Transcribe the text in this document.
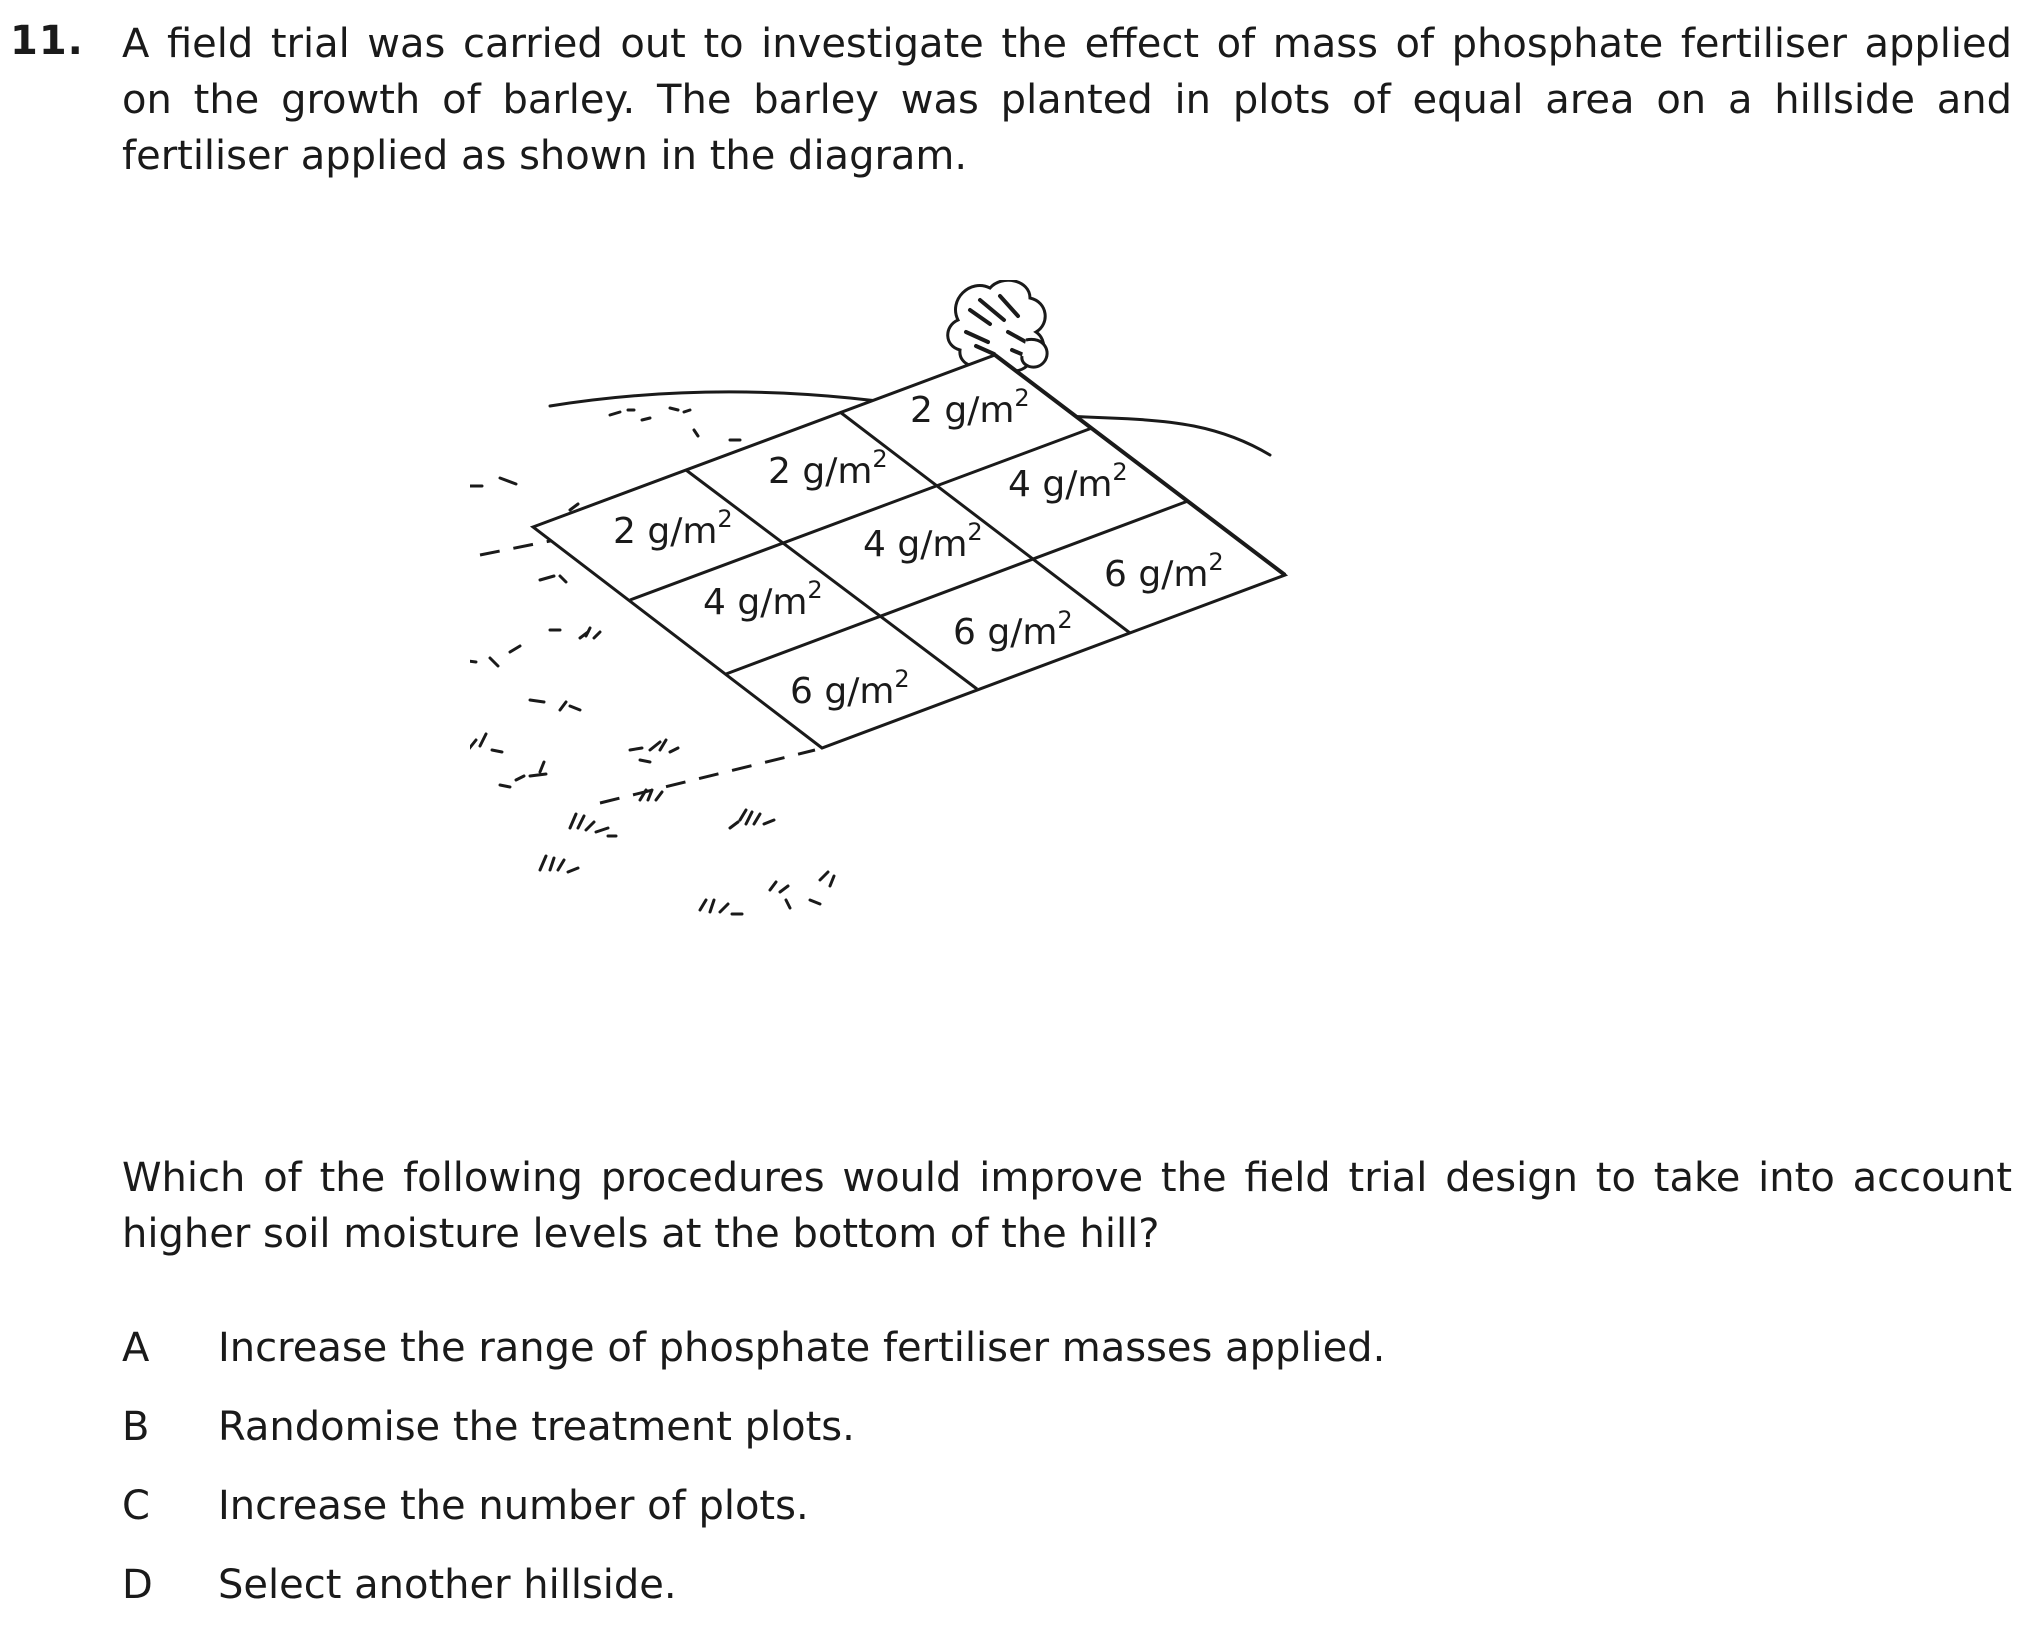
11. A field trial was carried out to investigate the effect of mass of phosphate fertiliser applied
on the growth of barley. The barley was planted in plots of equal area on a hillside and
fertiliser applied as shown in the diagram.
2 $g/m^2$
2 $g/m^2$
2 $g/m^2$
4 $g/m^2$
4 $g/m^2$
4 $g/m^2$	6 $g/m^2$
6 $g/m^2$
6 $g/m^2$
Which of the following procedures would improve the field trial design to take into account
higher soil moisture levels at the bottom of the hill?
A	Increase the range of phosphate fertiliser masses applied.
B	Randomise the treatment plots.
C	Increase the number of plots.
D	Select another hillside.
